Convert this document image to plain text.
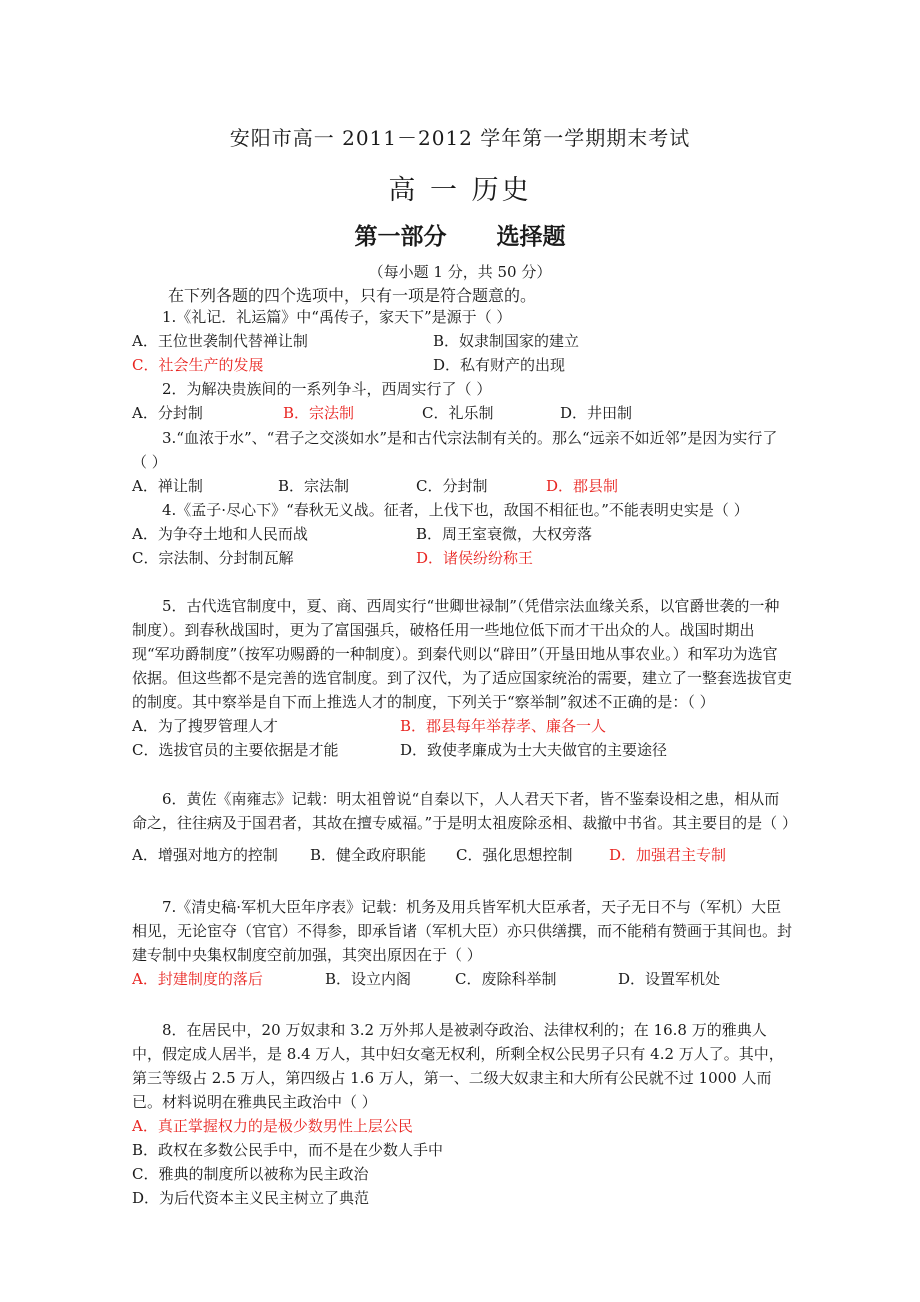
安阳市高一 2011－2012 学年第一学期期末考试
高 一 历史
第一部分 选择题
（每小题 1 分，共 50 分）
在下列各题的四个选项中，只有一项是符合题意的。

1.《礼记．礼运篇》中“禹传子，家天下”是源于（ ）

A．王位世袭制代替禅让制	B．奴隶制国家的建立
C．社会生产的发展	D．私有财产的出现

2．为解决贵族间的一系列争斗，西周实行了（ ）

A．分封制	B．宗法制	C．礼乐制	D．井田制

3.“血浓于水”、“君子之交淡如水”是和古代宗法制有关的。那么“远亲不如近邻”是因为实行了（ ）

A．禅让制	B．宗法制	C．分封制	D．郡县制

4.《孟子·尽心下》“春秋无义战。征者，上伐下也，敌国不相征也。”不能表明史实是（ ）

A．为争夺土地和人民而战	B．周王室衰微，大权旁落
C．宗法制、分封制瓦解	D．诸侯纷纷称王

5．古代选官制度中，夏、商、西周实行“世卿世禄制”（凭借宗法血缘关系，以官爵世袭的一种制度）。到春秋战国时，更为了富国强兵，破格任用一些地位低下而才干出众的人。战国时期出现“军功爵制度”（按军功赐爵的一种制度）。到秦代则以“辟田”（开垦田地从事农业。）和军功为选官依据。但这些都不是完善的选官制度。到了汉代，为了适应国家统治的需要，建立了一整套选拔官吏的制度。其中察举是自下而上推选人才的制度，下列关于“察举制”叙述不正确的是：（ ）

A．为了搜罗管理人才	B．郡县每年举荐孝、廉各一人
C．选拔官员的主要依据是才能	D．致使孝廉成为士大夫做官的主要途径

6．黄佐《南雍志》记载：明太祖曾说“自秦以下，人人君天下者，皆不鉴秦设相之患，相从而命之，往往病及于国君者，其故在擅专威福。”于是明太祖废除丞相、裁撤中书省。其主要目的是（ ）

A．增强对地方的控制	B．健全政府职能	C．强化思想控制	D．加强君主专制

7.《清史稿·军机大臣年序表》记载：机务及用兵皆军机大臣承者，天子无日不与（军机）大臣相见，无论宦夺（官官）不得参，即承旨诸（军机大臣）亦只供缮撰，而不能稍有赞画于其间也。封建专制中央集权制度空前加强，其突出原因在于（ ）

A．封建制度的落后	B．设立内阁	C．废除科举制	D．设置军机处

8．在居民中，20 万奴隶和 3.2 万外邦人是被剥夺政治、法律权利的；在 16.8 万的雅典人中，假定成人居半，是 8.4 万人，其中妇女毫无权利，所剩全权公民男子只有 4.2 万人了。其中，第三等级占 2.5 万人，第四级占 1.6 万人，第一、二级大奴隶主和大所有公民就不过 1000 人而已。材料说明在雅典民主政治中（ ）

A．真正掌握权力的是极少数男性上层公民
B．政权在多数公民手中，而不是在少数人手中
C．雅典的制度所以被称为民主政治
D．为后代资本主义民主树立了典范
